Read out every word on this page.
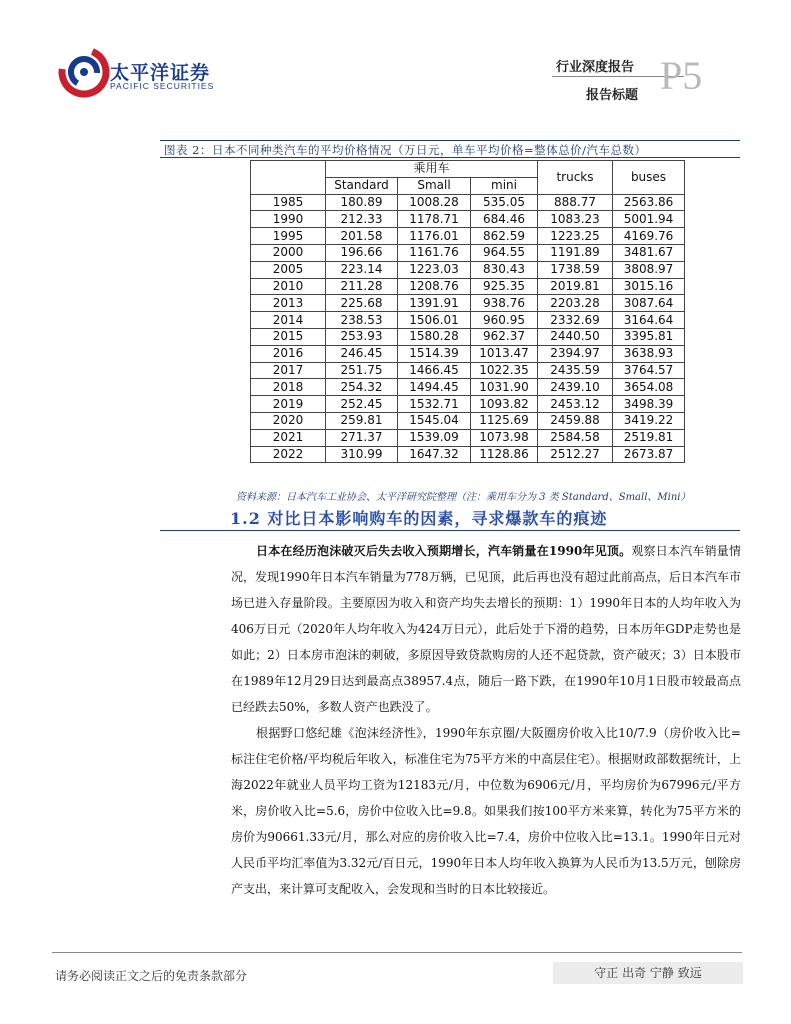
太平洋证券
PACIFIC SECURITIES
行业深度报告
报告标题 P5
图表 2：日本不同种类汽车的平均价格情况（万日元，单车平均价格=整体总价/汽车总数）
	乘用车			trucks	buses
	Standard	Small	mini		
1985	180.89	1008.28	535.05	888.77	2563.86
1990	212.33	1178.71	684.46	1083.23	5001.94
1995	201.58	1176.01	862.59	1223.25	4169.76
2000	196.66	1161.76	964.55	1191.89	3481.67
2005	223.14	1223.03	830.43	1738.59	3808.97
2010	211.28	1208.76	925.35	2019.81	3015.16
2013	225.68	1391.91	938.76	2203.28	3087.64
2014	238.53	1506.01	960.95	2332.69	3164.64
2015	253.93	1580.28	962.37	2440.50	3395.81
2016	246.45	1514.39	1013.47	2394.97	3638.93
2017	251.75	1466.45	1022.35	2435.59	3764.57
2018	254.32	1494.45	1031.90	2439.10	3654.08
2019	252.45	1532.71	1093.82	2453.12	3498.39
2020	259.81	1545.04	1125.69	2459.88	3419.22
2021	271.37	1539.09	1073.98	2584.58	2519.81
2022	310.99	1647.32	1128.86	2512.27	2673.87
资料来源：日本汽车工业协会、太平洋研究院整理（注：乘用车分为 3 类 Standard、Small、Mini）
1.2 对比日本影响购车的因素，寻求爆款车的痕迹

日本在经历泡沫破灭后失去收入预期增长，汽车销量在1990年见顶。观察日本汽车销量情况，发现1990年日本汽车销量为778万辆，已见顶，此后再也没有超过此前高点，后日本汽车市场已进入存量阶段。主要原因为收入和资产均失去增长的预期：1）1990年日本的人均年收入为406万日元（2020年人均年收入为424万日元），此后处于下滑的趋势，日本历年GDP走势也是如此；2）日本房市泡沫的刺破，多原因导致贷款购房的人还不起贷款，资产破灭；3）日本股市在1989年12月29日达到最高点38957.4点，随后一路下跌，在1990年10月1日股市较最高点已经跌去50%，多数人资产也跌没了。

根据野口悠纪雄《泡沫经济性》，1990年东京圈/大阪圈房价收入比10/7.9（房价收入比=标注住宅价格/平均税后年收入，标准住宅为75平方米的中高层住宅）。根据财政部数据统计，上海2022年就业人员平均工资为12183元/月，中位数为6906元/月，平均房价为67996元/平方米，房价收入比=5.6，房价中位收入比=9.8。如果我们按100平方米来算，转化为75平方米的房价为90661.33元/月，那么对应的房价收入比=7.4，房价中位收入比=13.1。1990年日元对人民币平均汇率值为3.32元/百日元，1990年日本人均年收入换算为人民币为13.5万元，刨除房产支出，来计算可支配收入，会发现和当时的日本比较接近。

请务必阅读正文之后的免责条款部分	守正 出奇 宁静 致远
